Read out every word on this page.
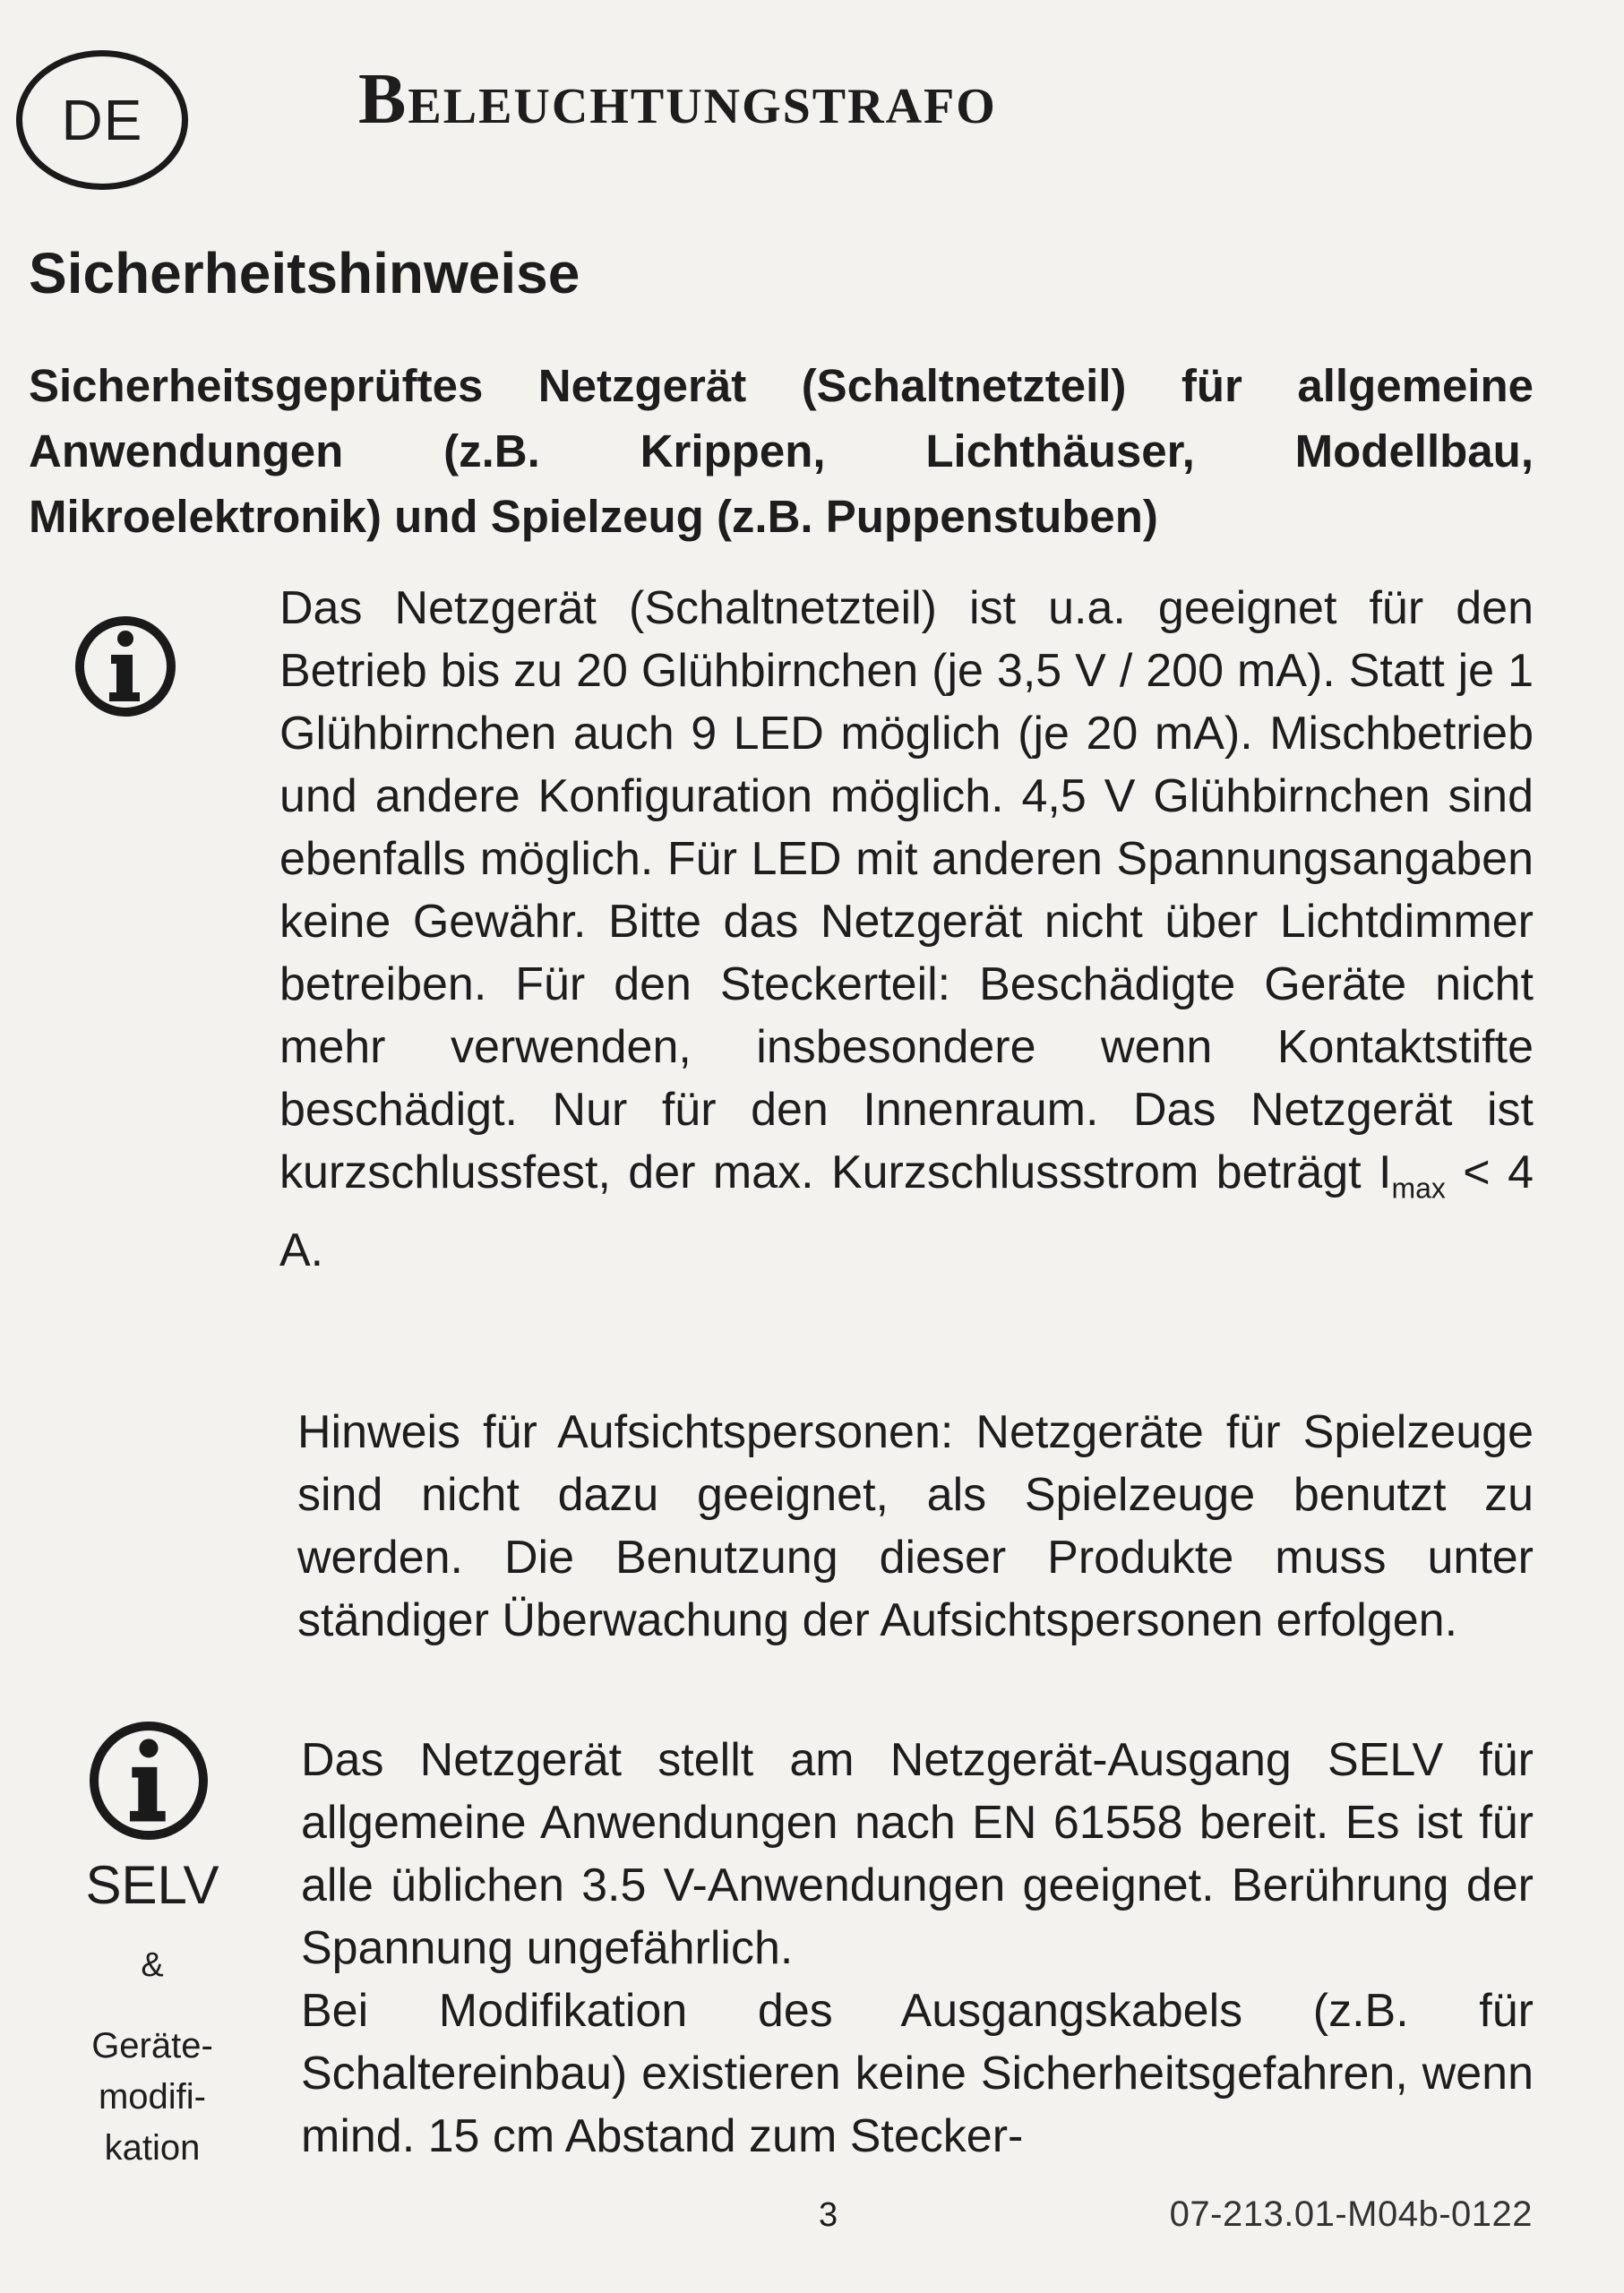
DE	Beleuchtungstrafo
Sicherheitshinweise
Sicherheitsgeprüftes Netzgerät (Schaltnetzteil) für allgemeine Anwendungen (z.B. Krippen, Lichthäuser, Modellbau, Mikroelektronik) und Spielzeug (z.B. Puppenstuben)

Das Netzgerät (Schaltnetzteil) ist u.a. geeignet für den Betrieb bis zu 20 Glühbirnchen (je 3,5 V / 200 mA). Statt je 1 Glühbirnchen auch 9 LED möglich (je 20 mA). Mischbetrieb und andere Konfiguration möglich. 4,5 V Glühbirnchen sind ebenfalls möglich. Für LED mit anderen Spannungsangaben keine Gewähr. Bitte das Netzgerät nicht über Lichtdimmer betreiben. Für den Steckerteil: Beschädigte Geräte nicht mehr verwenden, insbesondere wenn Kontaktstifte beschädigt. Nur für den Innenraum. Das Netzgerät ist kurzschlussfest, der max. Kurzschlussstrom beträgt $I_{max} < 4$ A.

Hinweis für Aufsichtspersonen: Netzgeräte für Spielzeuge sind nicht dazu geeignet, als Spielzeuge benutzt zu werden. Die Benutzung dieser Produkte muss unter ständiger Überwachung der Aufsichtspersonen erfolgen.

SELV
&
Geräte-
modifi-
kation

Das Netzgerät stellt am Netzgerät-Ausgang SELV für allgemeine Anwendungen nach EN 61558 bereit. Es ist für alle üblichen 3.5 V-Anwendungen geeignet. Berührung der Spannung ungefährlich.

Bei Modifikation des Ausgangskabels (z.B. für Schaltereinbau) existieren keine Sicherheitsgefahren, wenn mind. 15 cm Abstand zum Stecker-

3	07-213.01-M04b-0122
